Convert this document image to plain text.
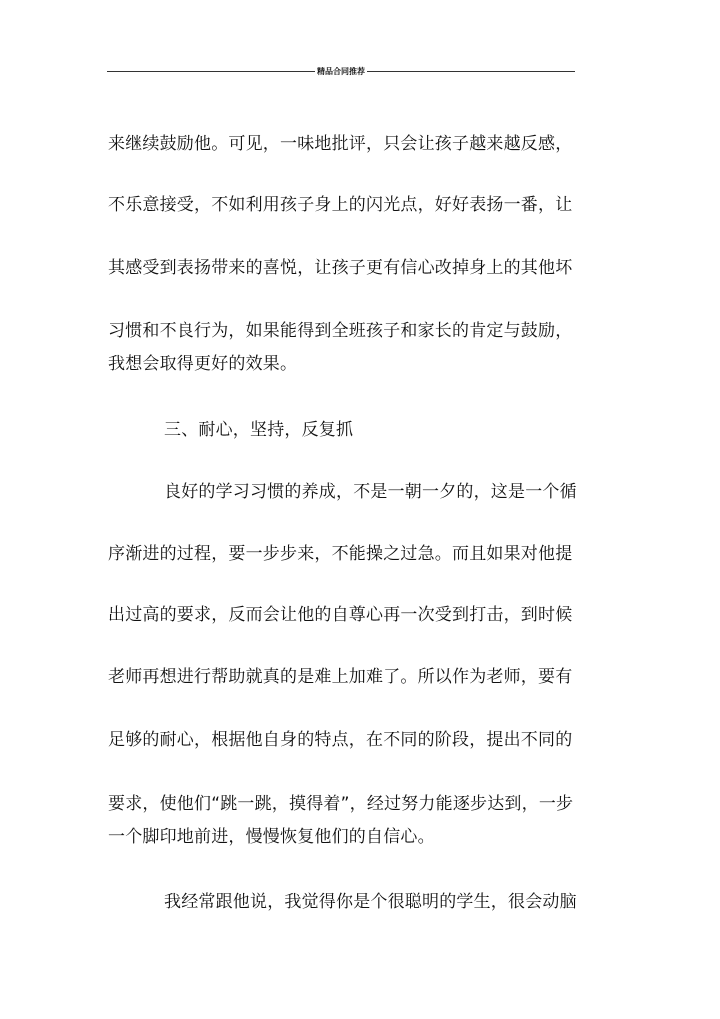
精品合同推荐
来继续鼓励他。可见，一味地批评，只会让孩子越来越反感，
不乐意接受，不如利用孩子身上的闪光点，好好表扬一番，让
其感受到表扬带来的喜悦，让孩子更有信心改掉身上的其他坏
习惯和不良行为，如果能得到全班孩子和家长的肯定与鼓励，
我想会取得更好的效果。
三、耐心，坚持，反复抓
良好的学习习惯的养成，不是一朝一夕的，这是一个循
序渐进的过程，要一步步来，不能操之过急。而且如果对他提
出过高的要求，反而会让他的自尊心再一次受到打击，到时候
老师再想进行帮助就真的是难上加难了。所以作为老师，要有
足够的耐心，根据他自身的特点，在不同的阶段，提出不同的
要求，使他们“跳一跳，摸得着”，经过努力能逐步达到，一步
一个脚印地前进，慢慢恢复他们的自信心。
我经常跟他说，我觉得你是个很聪明的学生，很会动脑
